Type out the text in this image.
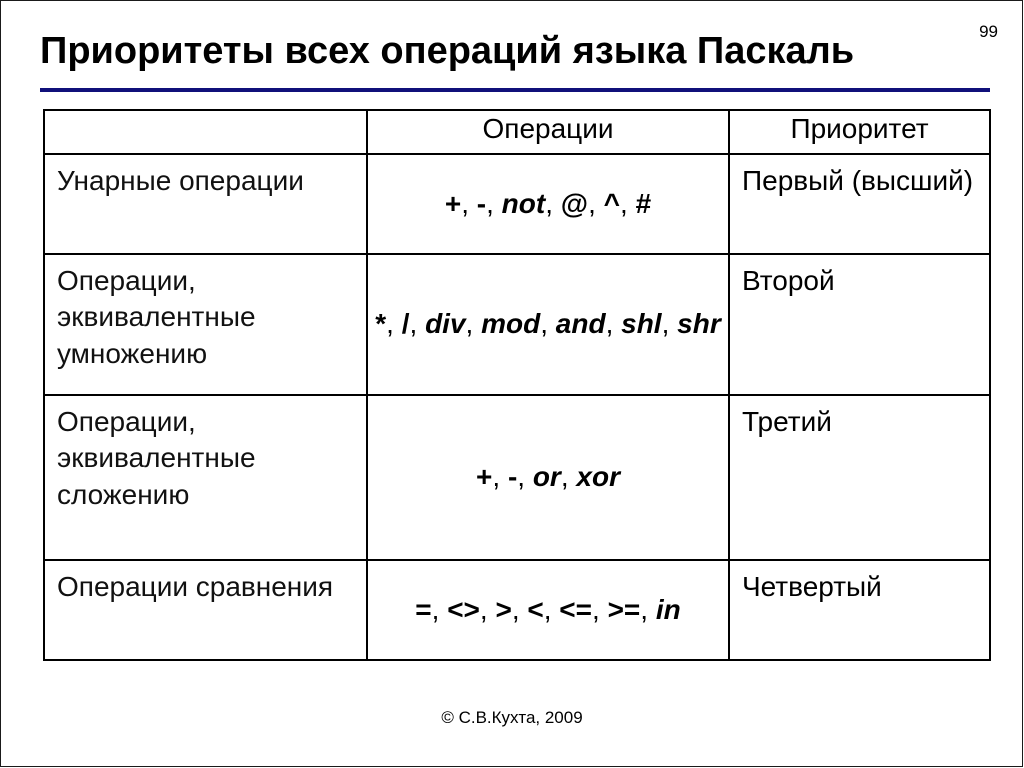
99
Приоритеты всех операций языка Паскаль
	Операции	Приоритет
Унарные операции	+, -, not, @, ^, #	Первый (высший)
Операции, эквивалентные умножению	*, /, div, mod, and, shl, shr	Второй
Операции, эквивалентные сложению	+, -, or, xor	Третий
Операции сравнения	=, <>, >, <, <=, >=, in	Четвертый
© С.В.Кухта, 2009
